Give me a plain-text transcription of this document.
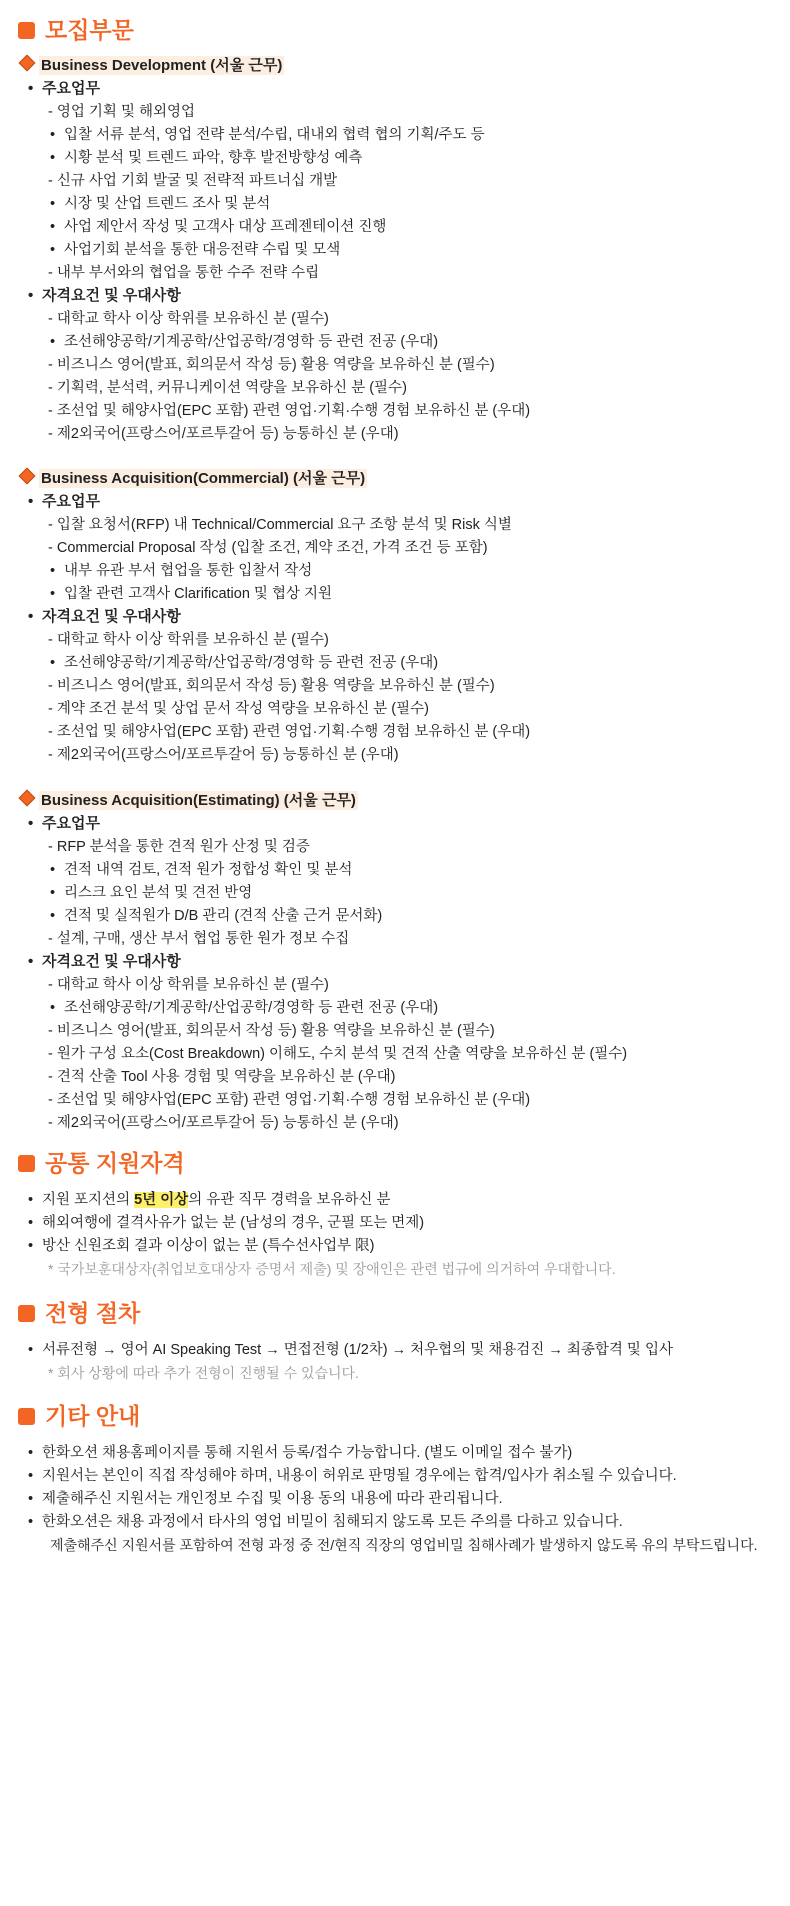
모집부문
Business Development (서울 근무)
• 주요업무
- 영업 기획 및 해외영업
• 입찰 서류 분석, 영업 전략 분석/수립, 대내외 협력 협의 기획/주도 등
• 시황 분석 및 트렌드 파악, 향후 발전방향성 예측
- 신규 사업 기회 발굴 및 전략적 파트너십 개발
• 시장 및 산업 트렌드 조사 및 분석
• 사업 제안서 작성 및 고객사 대상 프레젠테이션 진행
• 사업기회 분석을 통한 대응전략 수립 및 모색
- 내부 부서와의 협업을 통한 수주 전략 수립
• 자격요건 및 우대사항
- 대학교 학사 이상 학위를 보유하신 분 (필수)
• 조선해양공학/기계공학/산업공학/경영학 등 관련 전공 (우대)
- 비즈니스 영어(발표, 회의문서 작성 등) 활용 역량을 보유하신 분 (필수)
- 기획력, 분석력, 커뮤니케이션 역량을 보유하신 분 (필수)
- 조선업 및 해양사업(EPC 포함) 관련 영업·기획·수행 경험 보유하신 분 (우대)
- 제2외국어(프랑스어/포르투갈어 등) 능통하신 분 (우대)
Business Acquisition(Commercial) (서울 근무)
• 주요업무
- 입찰 요청서(RFP) 내 Technical/Commercial 요구 조항 분석 및 Risk 식별
- Commercial Proposal 작성 (입찰 조건, 계약 조건, 가격 조건 등 포함)
• 내부 유관 부서 협업을 통한 입찰서 작성
• 입찰 관련 고객사 Clarification 및 협상 지원
• 자격요건 및 우대사항
- 대학교 학사 이상 학위를 보유하신 분 (필수)
• 조선해양공학/기계공학/산업공학/경영학 등 관련 전공 (우대)
- 비즈니스 영어(발표, 회의문서 작성 등) 활용 역량을 보유하신 분 (필수)
- 계약 조건 분석 및 상업 문서 작성 역량을 보유하신 분 (필수)
- 조선업 및 해양사업(EPC 포함) 관련 영업·기획·수행 경험 보유하신 분 (우대)
- 제2외국어(프랑스어/포르투갈어 등) 능통하신 분 (우대)
Business Acquisition(Estimating) (서울 근무)
• 주요업무
- RFP 분석을 통한 견적 원가 산정 및 검증
• 견적 내역 검토, 견적 원가 정합성 확인 및 분석
• 리스크 요인 분석 및 견전 반영
• 견적 및 실적원가 D/B 관리 (견적 산출 근거 문서화)
- 설계, 구매, 생산 부서 협업 통한 원가 정보 수집
• 자격요건 및 우대사항
- 대학교 학사 이상 학위를 보유하신 분 (필수)
• 조선해양공학/기계공학/산업공학/경영학 등 관련 전공 (우대)
- 비즈니스 영어(발표, 회의문서 작성 등) 활용 역량을 보유하신 분 (필수)
- 원가 구성 요소(Cost Breakdown) 이해도, 수치 분석 및 견적 산출 역량을 보유하신 분 (필수)
- 견적 산출 Tool 사용 경험 및 역량을 보유하신 분 (우대)
- 조선업 및 해양사업(EPC 포함) 관련 영업·기획·수행 경험 보유하신 분 (우대)
- 제2외국어(프랑스어/포르투갈어 등) 능통하신 분 (우대)
공통 지원자격
• 지원 포지션의 5년 이상의 유관 직무 경력을 보유하신 분
• 해외여행에 결격사유가 없는 분 (남성의 경우, 군필 또는 면제)
• 방산 신원조회 결과 이상이 없는 분 (특수선사업부 限)
* 국가보훈대상자(취업보호대상자 증명서 제출) 및 장애인은 관련 법규에 의거하여 우대합니다.
전형 절차
• 서류전형 → 영어 AI Speaking Test → 면접전형 (1/2차) → 처우협의 및 채용검진 → 최종합격 및 입사
* 회사 상황에 따라 추가 전형이 진행될 수 있습니다.
기타 안내
• 한화오션 채용홈페이지를 통해 지원서 등록/접수 가능합니다. (별도 이메일 접수 불가)
• 지원서는 본인이 직접 작성해야 하며, 내용이 허위로 판명될 경우에는 합격/입사가 취소될 수 있습니다.
• 제출해주신 지원서는 개인정보 수집 및 이용 동의 내용에 따라 관리됩니다.
• 한화오션은 채용 과정에서 타사의 영업 비밀이 침해되지 않도록 모든 주의를 다하고 있습니다.
제출해주신 지원서를 포함하여 전형 과정 중 전/현직 직장의 영업비밀 침해사례가 발생하지 않도록 유의 부탁드립니다.
